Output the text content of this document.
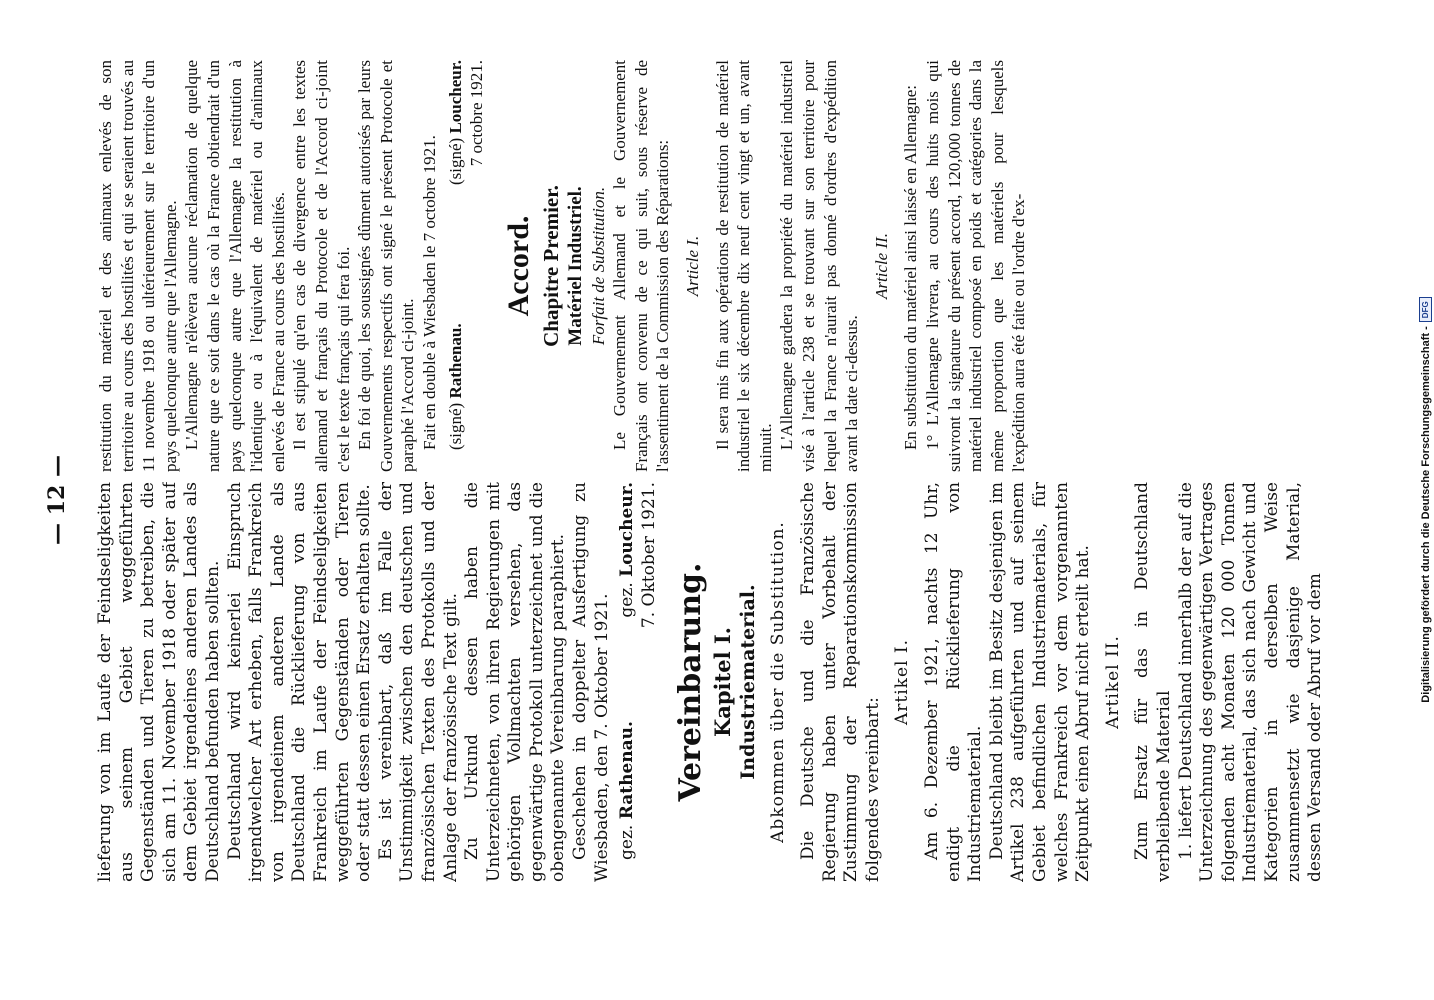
— 12 — lieferung von im Laufe der Feindseligkeiten aus seinem Gebiet weggeführten Gegenständen und Tieren zu betreiben, die sich am 11. November 1918 oder später auf dem Gebiet irgendeines anderen Landes als Deutschland befunden haben sollten. Deutschland wird keinerlei Einspruch irgendwelcher Art erheben, falls Frankreich von irgendeinem anderen Lande als Deutschland die Rücklieferung von aus Frankreich im Laufe der Feindseligkeiten weggeführten Gegenständen oder Tieren oder statt dessen einen Ersatz erhalten sollte. Es ist vereinbart, daß im Falle der Unstimmigkeit zwischen den deutschen und französischen Texten des Protokolls und der Anlage der französische Text gilt. Zu Urkund dessen haben die Unterzeichneten, von ihren Regierungen mit gehörigen Vollmachten versehen, das gegenwärtige Protokoll unterzeichnet und die obengenannte Vereinbarung paraphiert. Geschehen in doppelter Ausfertigung zu Wiesbaden, den 7. Oktober 1921. gez. Rathenau.
gez. Loucheur. 7. Oktober 1921.
Vereinbarung. Kapitel I. Industriematerial. Abkommen über die Substitution. Die Deutsche und die Französische Regierung haben unter Vorbehalt der Zustimmung der Reparationskommission folgendes vereinbart:

Artikel I. Am 6. Dezember 1921, nachts 12 Uhr, endigt die Rücklieferung von Industriematerial. Deutschland bleibt im Besitz desjenigen im Artikel 238 aufgeführten und auf seinem Gebiet befindlichen Industriematerials, für welches Frankreich vor dem vorgenannten Zeitpunkt einen Abruf nicht erteilt hat. Artikel II. Zum Ersatz für das in Deutschland verbleibende Material 1. liefert Deutschland innerhalb der auf die Unterzeichnung des gegenwärtigen Vertrages folgenden acht Monaten 120 000 Tonnen Industriematerial, das sich nach Gewicht und Kategorien in derselben Weise zusammensetzt wie dasjenige Material, dessen Versand oder Abruf vor dem

restitution du matériel et des animaux enlevés de son territoire au cours des hostilités et qui se seraient trouvés au 11 novembre 1918 ou ultérieurement sur le territoire d'un pays quelconque autre que l'Allemagne. L'Allemagne n'élèvera aucune réclamation de quelque nature que ce soit dans le cas où la France obtiendrait d'un pays quelconque autre que l'Allemagne la restitution à l'identique ou à l'équivalent de matériel ou d'animaux enlevés de France au cours des hostilités. Il est stipulé qu'en cas de divergence entre les textes allemand et français du Protocole et de l'Accord ci-joint c'est le texte français qui fera foi. En foi de quoi, les soussignés dûment autorisés par leurs Gouvernements respectifs ont signé le présent Protocole et paraphé l'Accord ci-joint. Fait en double à Wiesbaden le 7 octobre 1921. (signé) Rathenau.
(signé) Loucheur. 7 octobre 1921.
Accord. Chapitre Premier. Matériel Industriel. Forfait de Substitution. Le Gouvernement Allemand et le Gouvernement Français ont convenu de ce qui suit, sous réserve de l'assentiment de la Commission des Réparations: Article I. Il sera mis fin aux opérations de restitution de matériel industriel le six décembre dix neuf cent vingt et un, avant minuit. L'Allemagne gardera la propriété du matériel industriel visé à l'article 238 et se trouvant sur son territoire pour lequel la France n'aurait pas donné d'ordres d'expédition avant la date ci-dessus.

Article II. En substitution du matériel ainsi laissé en Allemagne: 1° L'Allemagne livrera, au cours des huits mois qui suivront la signature du présent accord, 120,000 tonnes de matériel industriel composé en poids et catégories dans la même proportion que les matériels pour lesquels l'expédition aura été faite ou l'ordre d'ex-	Digitalisierung gefördert durch die Deutsche Forschungsgemeinschaft -
DFG
